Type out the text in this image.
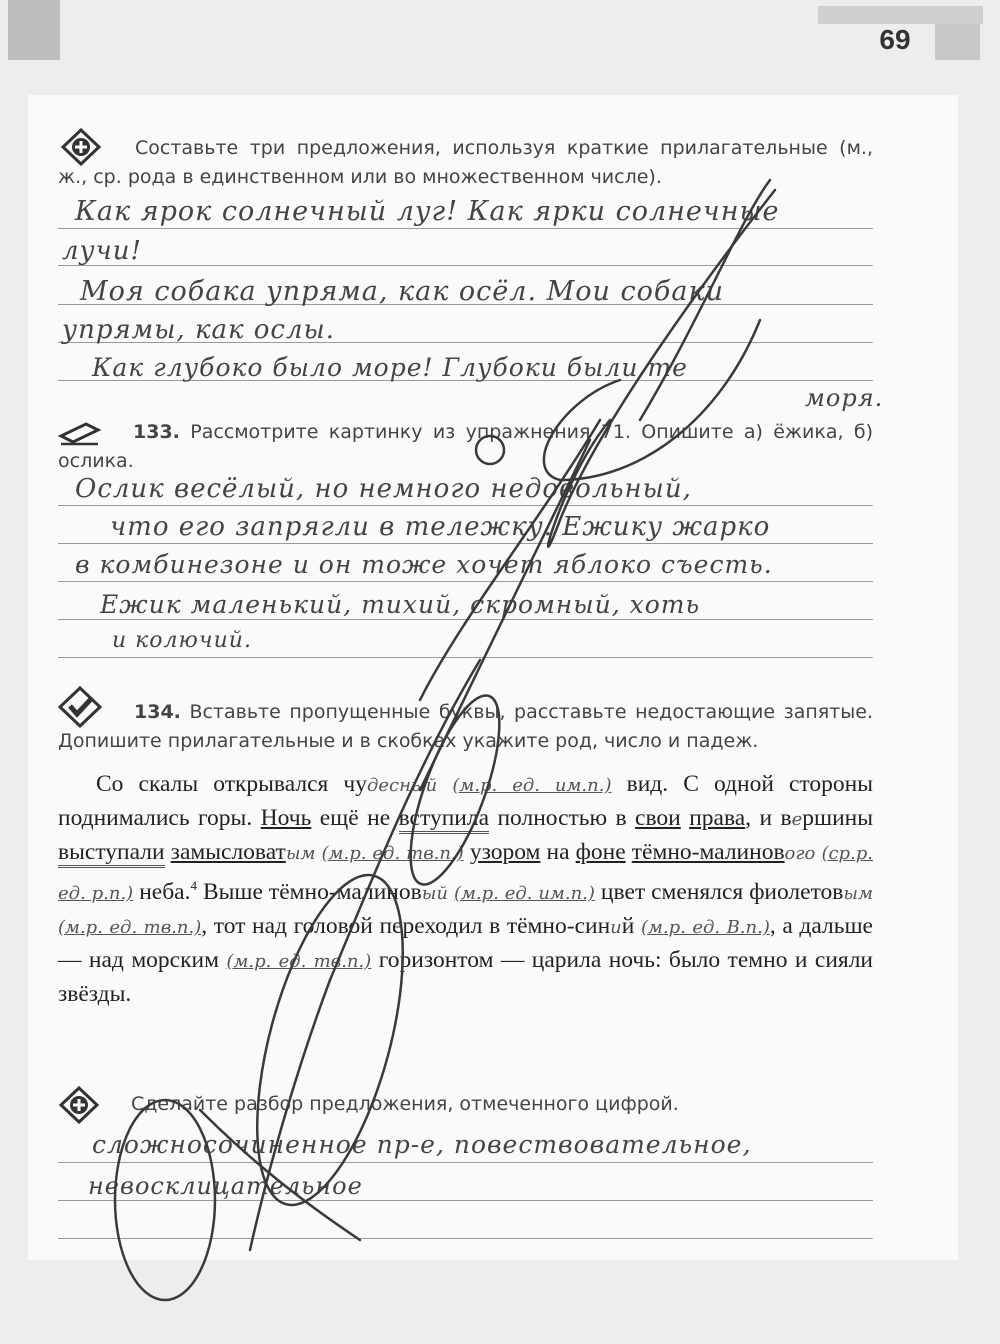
69
Составьте три предложения, используя краткие прилагательные (м., ж., ср. рода в единственном или во множественном числе).
Как ярок солнечный луг! Как ярки солнечные
лучи!
Моя собака упряма, как осёл. Мои собаки
упрямы, как ослы.
Как глубоко было море! Глубоки были те
моря.
133. Рассмотрите картинку из упражнения 71. Опишите а) ёжика, б) ослика.
Ослик весёлый, но немного недовольный,
что его запрягли в тележку. Ежику жарко
в комбинезоне и он тоже хочет яблоко съесть.
Ежик маленький, тихий, скромный, хоть
и колючий.
134. Вставьте пропущенные буквы, расставьте недостающие запятые. Допишите прилагательные и в скобках укажите род, число и падеж.
Со скалы открывался чудесный (м.р. ед. им.п.) вид. С одной стороны поднимались горы. Ночь ещё не вступила полностью в свои права, и вершины выступали замысловатым (м.р. ед. тв.п.) узором на фоне тёмно-малинового (ср.р. ед. р.п.) неба.$^4$ Выше тёмно-малиновый (м.р. ед. им.п.) цвет сменялся фиолетовым (м.р. ед. тв.п.), тот над головой переходил в тёмно-синий (м.р. ед. В.п.), а дальше — над морским (м.р. ед. тв.п.) горизонтом — царила ночь: было темно и сияли звёзды.
Сделайте разбор предложения, отмеченного цифрой.
сложносочиненное пр-е, повествовательное,
невосклицательное
